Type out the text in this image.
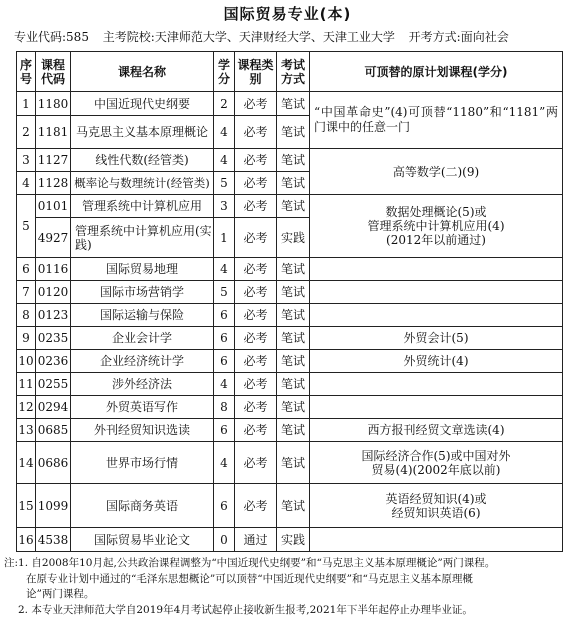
国际贸易专业(本)
专业代码:585 主考院校:天津师范大学、天津财经大学、天津工业大学 开考方式:面向社会
序号	课程代码	课程名称	学分	课程类别	考试方式	可顶替的原计划课程(学分)
1	1180	中国近现代史纲要	2	必考	笔试	“中国革命史”(4)可顶替“1180”和“1181”两门课中的任意一门
2	1181	马克思主义基本原理概论	4	必考	笔试	
3	1127	线性代数(经管类)	4	必考	笔试	高等数学(二)(9)
4	1128	概率论与数理统计(经管类)	5	必考	笔试	
5	0101	管理系统中计算机应用	3	必考	笔试	数据处理概论(5)或
管理系统中计算机应用(4)
(2012年以前通过)

	4927	管理系统中计算机应用(实践)	1	必考	实践	
6	0116	国际贸易地理	4	必考	笔试	
7	0120	国际市场营销学	5	必考	笔试	
8	0123	国际运输与保险	6	必考	笔试	
9	0235	企业会计学	6	必考	笔试	外贸会计(5)
10	0236	企业经济统计学	6	必考	笔试	外贸统计(4)
11	0255	涉外经济法	4	必考	笔试	
12	0294	外贸英语写作	8	必考	笔试	
13	0685	外刊经贸知识选读	6	必考	笔试	西方报刊经贸文章选读(4)
14	0686	世界市场行情	4	必考	笔试	国际经济合作(5)或中国对外
贸易(4)(2002年底以前)

15	1099	国际商务英语	6	必考	笔试	英语经贸知识(4)或
经贸知识英语(6)

16	4538	国际贸易毕业论文	0	通过	实践	
注:1. 自2008年10月起,公共政治课程调整为“中国近现代史纲要”和“马克思主义基本原理概论”两门课程。
在原专业计划中通过的“毛泽东思想概论”可以顶替“中国近现代史纲要”和“马克思主义基本原理概
论”两门课程。
2. 本专业天津师范大学自2019年4月考试起停止接收新生报考,2021年下半年起停止办理毕业证。
